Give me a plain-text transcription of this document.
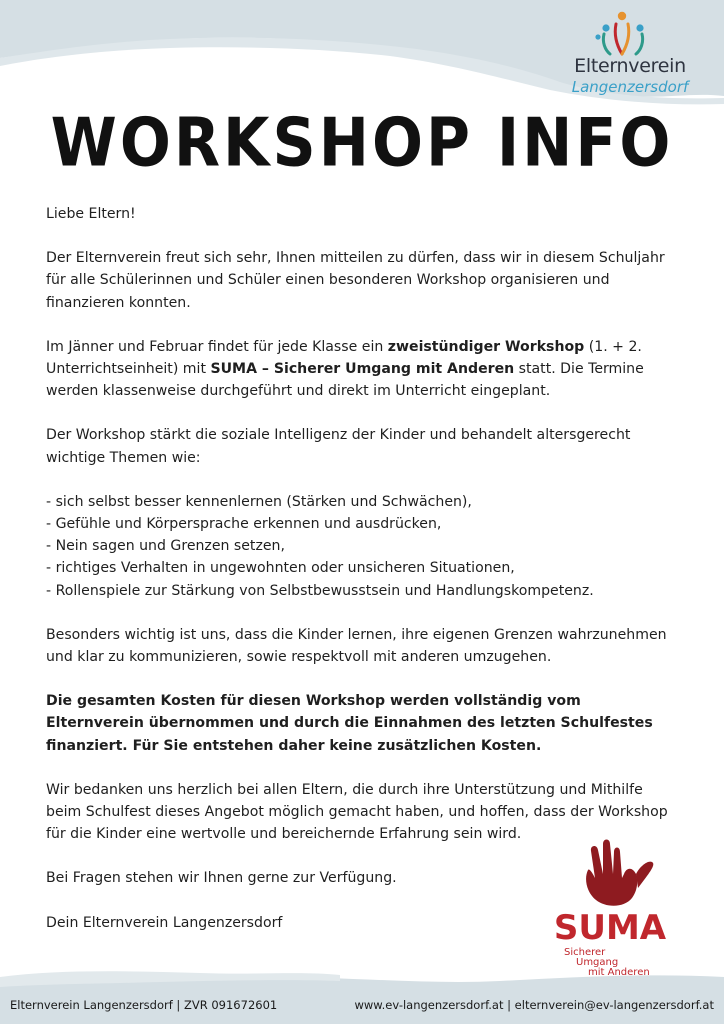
Elternverein
Langenzersdorf
WORKSHOP INFO

Liebe Eltern!

Der Elternverein freut sich sehr, Ihnen mitteilen zu dürfen, dass wir in diesem Schuljahr für alle Schülerinnen und Schüler einen besonderen Workshop organisieren und finanzieren konnten.

Im Jänner und Februar findet für jede Klasse ein zweistündiger Workshop (1. + 2. Unterrichtseinheit) mit SUMA – Sicherer Umgang mit Anderen statt. Die Termine werden klassenweise durchgeführt und direkt im Unterricht eingeplant.

Der Workshop stärkt die soziale Intelligenz der Kinder und behandelt altersgerecht wichtige Themen wie:

- sich selbst besser kennenlernen (Stärken und Schwächen),

- Gefühle und Körpersprache erkennen und ausdrücken,

- Nein sagen und Grenzen setzen,

- richtiges Verhalten in ungewohnten oder unsicheren Situationen,

- Rollenspiele zur Stärkung von Selbstbewusstsein und Handlungskompetenz.

Besonders wichtig ist uns, dass die Kinder lernen, ihre eigenen Grenzen wahrzunehmen und klar zu kommunizieren, sowie respektvoll mit anderen umzugehen.

Die gesamten Kosten für diesen Workshop werden vollständig vom Elternverein übernommen und durch die Einnahmen des letzten Schulfestes finanziert. Für Sie entstehen daher keine zusätzlichen Kosten.

Wir bedanken uns herzlich bei allen Eltern, die durch ihre Unterstützung und Mithilfe beim Schulfest dieses Angebot möglich gemacht haben, und hoffen, dass der Workshop für die Kinder eine wertvolle und bereichernde Erfahrung sein wird.

Bei Fragen stehen wir Ihnen gerne zur Verfügung.

Dein Elternverein Langenzersdorf	SUMA
Sicherer
Umgang
mit Anderen
Elternverein Langenzersdorf | ZVR 091672601	www.ev-langenzersdorf.at | elternverein@ev-langenzersdorf.at
